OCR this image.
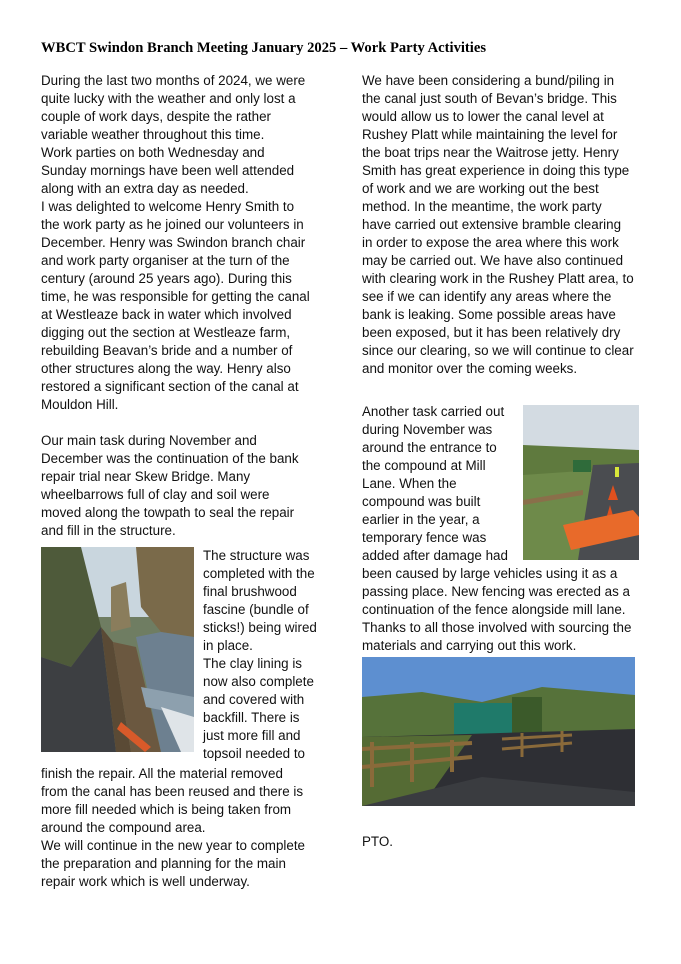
WBCT Swindon Branch Meeting January 2025 – Work Party Activities
During the last two months of 2024, we were
quite lucky with the weather and only lost a
couple of work days, despite the rather
variable weather throughout this time.
Work parties on both Wednesday and
Sunday mornings have been well attended
along with an extra day as needed.
I was delighted to welcome Henry Smith to
the work party as he joined our volunteers in
December. Henry was Swindon branch chair
and work party organiser at the turn of the
century (around 25 years ago). During this
time, he was responsible for getting the canal
at Westleaze back in water which involved
digging out the section at Westleaze farm,
rebuilding Beavan’s bride and a number of
other structures along the way. Henry also
restored a significant section of the canal at
Mouldon Hill.
Our main task during November and
December was the continuation of the bank
repair trial near Skew Bridge. Many
wheelbarrows full of clay and soil were
moved along the towpath to seal the repair
and fill in the structure.
The structure was
completed with the
final brushwood
fascine (bundle of
sticks!) being wired
in place.
The clay lining is
now also complete
and covered with
backfill. There is
just more fill and
topsoil needed to
finish the repair. All the material removed
from the canal has been reused and there is
more fill needed which is being taken from
around the compound area.
We will continue in the new year to complete
the preparation and planning for the main
repair work which is well underway.
We have been considering a bund/piling in
the canal just south of Bevan’s bridge. This
would allow us to lower the canal level at
Rushey Platt while maintaining the level for
the boat trips near the Waitrose jetty. Henry
Smith has great experience in doing this type
of work and we are working out the best
method. In the meantime, the work party
have carried out extensive bramble clearing
in order to expose the area where this work
may be carried out. We have also continued
with clearing work in the Rushey Platt area, to
see if we can identify any areas where the
bank is leaking. Some possible areas have
been exposed, but it has been relatively dry
since our clearing, so we will continue to clear
and monitor over the coming weeks.
Another task carried out
during November was
around the entrance to
the compound at Mill
Lane. When the
compound was built
earlier in the year, a
temporary fence was
added after damage had
been caused by large vehicles using it as a
passing place. New fencing was erected as a
continuation of the fence alongside mill lane.
Thanks to all those involved with sourcing the
materials and carrying out this work.
PTO.
